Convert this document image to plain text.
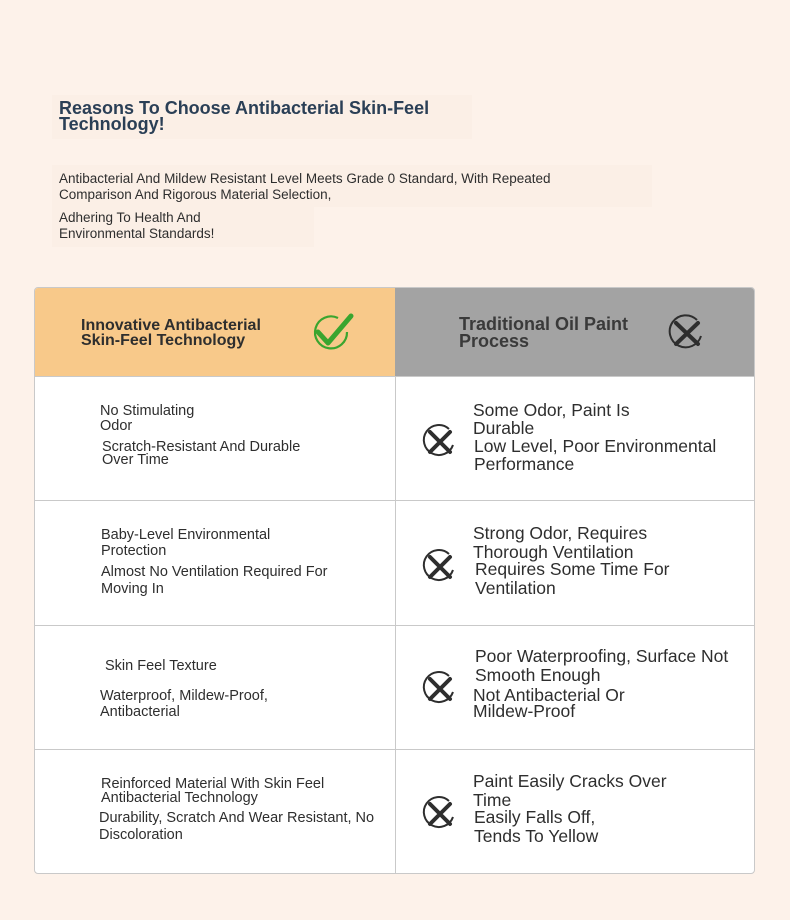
Reasons To Choose Antibacterial Skin-Feel Technology!
Antibacterial And Mildew Resistant Level Meets Grade 0 Standard, With Repeated Comparison And Rigorous Material Selection,
Adhering To Health And Environmental Standards!
Innovative Antibacterial Skin-Feel Technology
Traditional Oil Paint Process
No Stimulating Odor
Scratch-Resistant And Durable Over Time
Some Odor, Paint Is Durable
Low Level, Poor Environmental Performance
Baby-Level Environmental Protection
Almost No Ventilation Required For Moving In
Strong Odor, Requires Thorough Ventilation
Requires Some Time For Ventilation
Skin Feel Texture
Waterproof, Mildew-Proof, Antibacterial
Poor Waterproofing, Surface Not Smooth Enough
Not Antibacterial Or Mildew-Proof
Reinforced Material With Skin Feel Antibacterial Technology
Durability, Scratch And Wear Resistant, No Discoloration
Paint Easily Cracks Over Time
Easily Falls Off, Tends To Yellow
